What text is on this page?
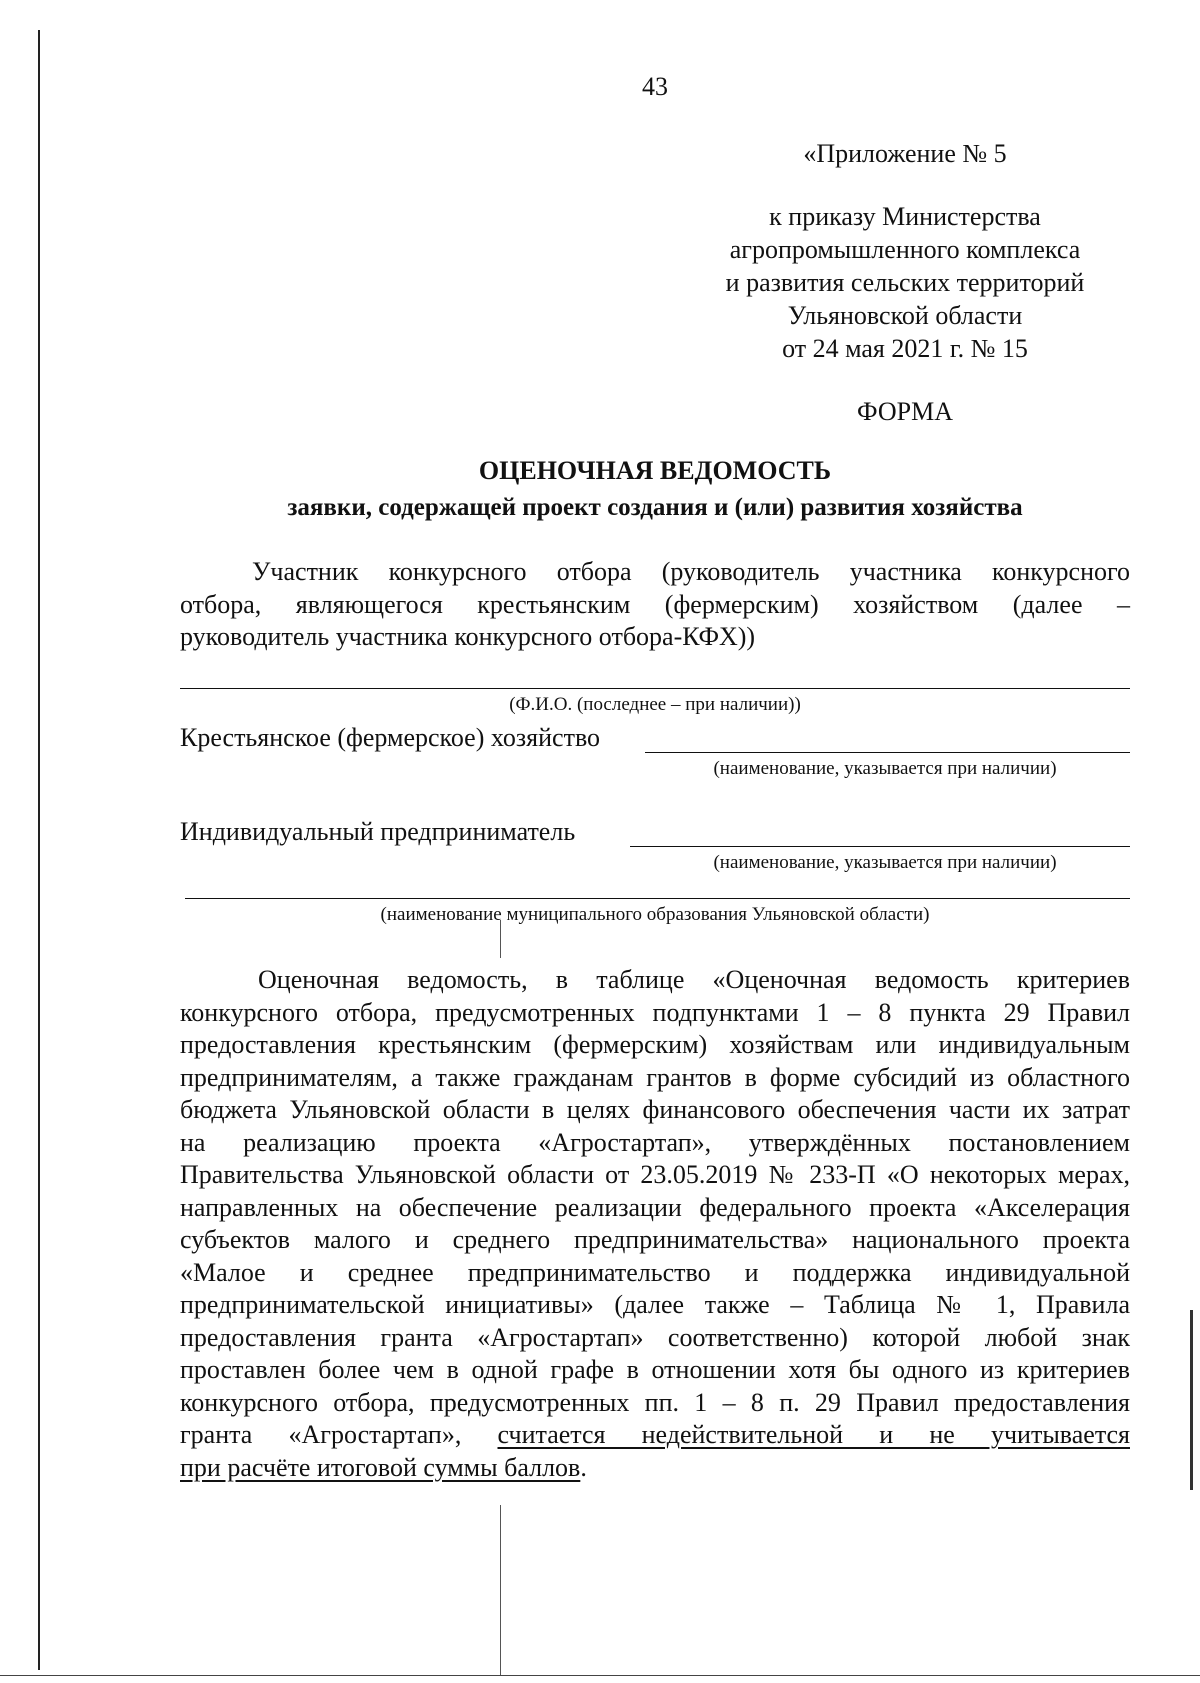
43
«Приложение № 5
к приказу Министерства
агропромышленного комплекса
и развития сельских территорий
Ульяновской области
от 24 мая 2021 г. № 15
ФОРМА
ОЦЕНОЧНАЯ ВЕДОМОСТЬ
заявки, содержащей проект создания и (или) развития хозяйства
Участник конкурсного отбора (руководитель участника конкурсного
отбора, являющегося крестьянским (фермерским) хозяйством (далее –
руководитель участника конкурсного отбора-КФХ))
(Ф.И.О. (последнее – при наличии))
Крестьянское (фермерское) хозяйство
(наименование, указывается при наличии)
Индивидуальный предприниматель
(наименование, указывается при наличии)
(наименование муниципального образования Ульяновской области)
Оценочная ведомость, в таблице «Оценочная ведомость критериев
конкурсного отбора, предусмотренных подпунктами 1 – 8 пункта 29 Правил
предоставления крестьянским (фермерским) хозяйствам или индивидуальным
предпринимателям, а также гражданам грантов в форме субсидий из областного
бюджета Ульяновской области в целях финансового обеспечения части их затрат
на реализацию проекта «Агростартап», утверждённых постановлением
Правительства Ульяновской области от 23.05.2019 № 233-П «О некоторых мерах,
направленных на обеспечение реализации федерального проекта «Акселерация
субъектов малого и среднего предпринимательства» национального проекта
«Малое и среднее предпринимательство и поддержка индивидуальной
предпринимательской инициативы» (далее также – Таблица № 1, Правила
предоставления гранта «Агростартап» соответственно) которой любой знак
проставлен более чем в одной графе в отношении хотя бы одного из критериев
конкурсного отбора, предусмотренных пп. 1 – 8 п. 29 Правил предоставления
гранта «Агростартап», считается недействительной и не учитывается
при расчёте итоговой суммы баллов.
